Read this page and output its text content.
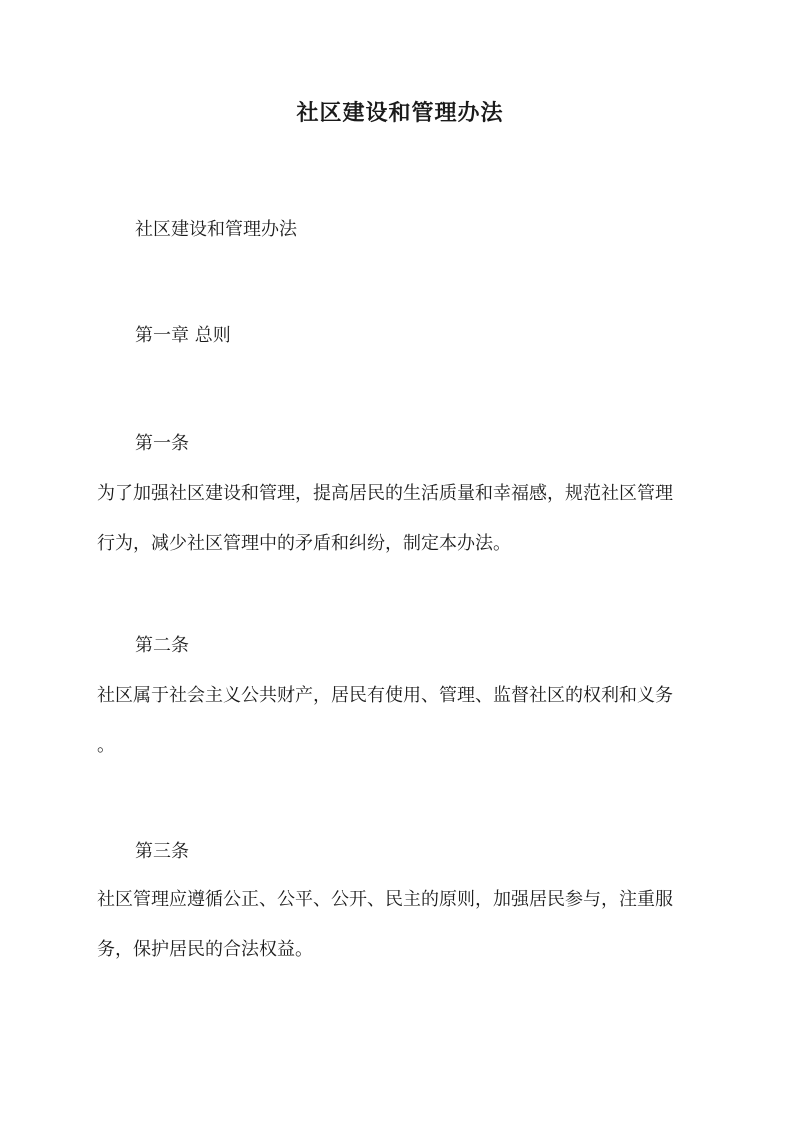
社区建设和管理办法
社区建设和管理办法
第一章 总则
第一条
为了加强社区建设和管理，提高居民的生活质量和幸福感，规范社区管理
行为，减少社区管理中的矛盾和纠纷，制定本办法。
第二条
社区属于社会主义公共财产，居民有使用、管理、监督社区的权利和义务
。
第三条
社区管理应遵循公正、公平、公开、民主的原则，加强居民参与，注重服
务，保护居民的合法权益。
